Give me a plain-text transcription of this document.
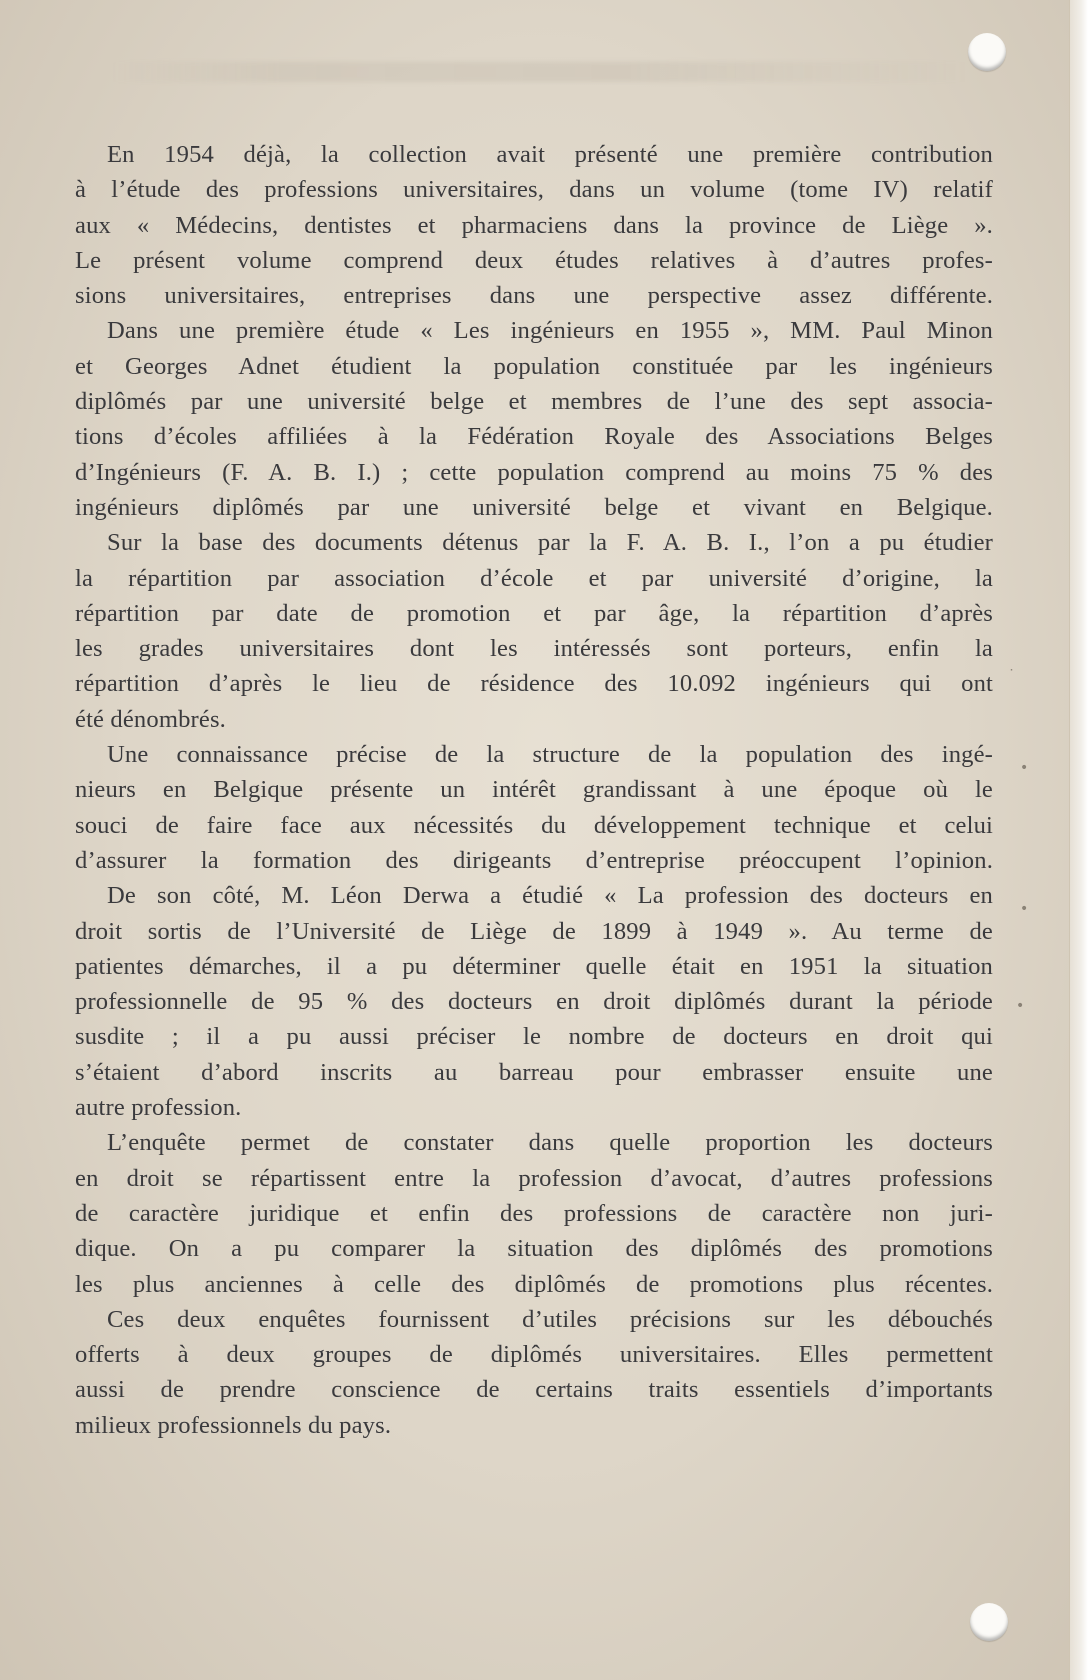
˙
•
•
•
En 1954 déjà, la collection avait présenté une première contribution
à l’étude des professions universitaires, dans un volume (tome IV) relatif
aux « Médecins, dentistes et pharmaciens dans la province de Liège ».
Le présent volume comprend deux études relatives à d’autres profes-
sions universitaires, entreprises dans une perspective assez différente.
Dans une première étude « Les ingénieurs en 1955 », MM. Paul Minon
et Georges Adnet étudient la population constituée par les ingénieurs
diplômés par une université belge et membres de l’une des sept associa-
tions d’écoles affiliées à la Fédération Royale des Associations Belges
d’Ingénieurs (F. A. B. I.) ; cette population comprend au moins 75 % des
ingénieurs diplômés par une université belge et vivant en Belgique.
Sur la base des documents détenus par la F. A. B. I., l’on a pu étudier
la répartition par association d’école et par université d’origine, la
répartition par date de promotion et par âge, la répartition d’après
les grades universitaires dont les intéressés sont porteurs, enfin la
répartition d’après le lieu de résidence des 10.092 ingénieurs qui ont
été dénombrés.
Une connaissance précise de la structure de la population des ingé-
nieurs en Belgique présente un intérêt grandissant à une époque où le
souci de faire face aux nécessités du développement technique et celui
d’assurer la formation des dirigeants d’entreprise préoccupent l’opinion.
De son côté, M. Léon Derwa a étudié « La profession des docteurs en
droit sortis de l’Université de Liège de 1899 à 1949 ». Au terme de
patientes démarches, il a pu déterminer quelle était en 1951 la situation
professionnelle de 95 % des docteurs en droit diplômés durant la période
susdite ; il a pu aussi préciser le nombre de docteurs en droit qui
s’étaient d’abord inscrits au barreau pour embrasser ensuite une
autre profession.
L’enquête permet de constater dans quelle proportion les docteurs
en droit se répartissent entre la profession d’avocat, d’autres professions
de caractère juridique et enfin des professions de caractère non juri-
dique. On a pu comparer la situation des diplômés des promotions
les plus anciennes à celle des diplômés de promotions plus récentes.
Ces deux enquêtes fournissent d’utiles précisions sur les débouchés
offerts à deux groupes de diplômés universitaires. Elles permettent
aussi de prendre conscience de certains traits essentiels d’importants
milieux professionnels du pays.
